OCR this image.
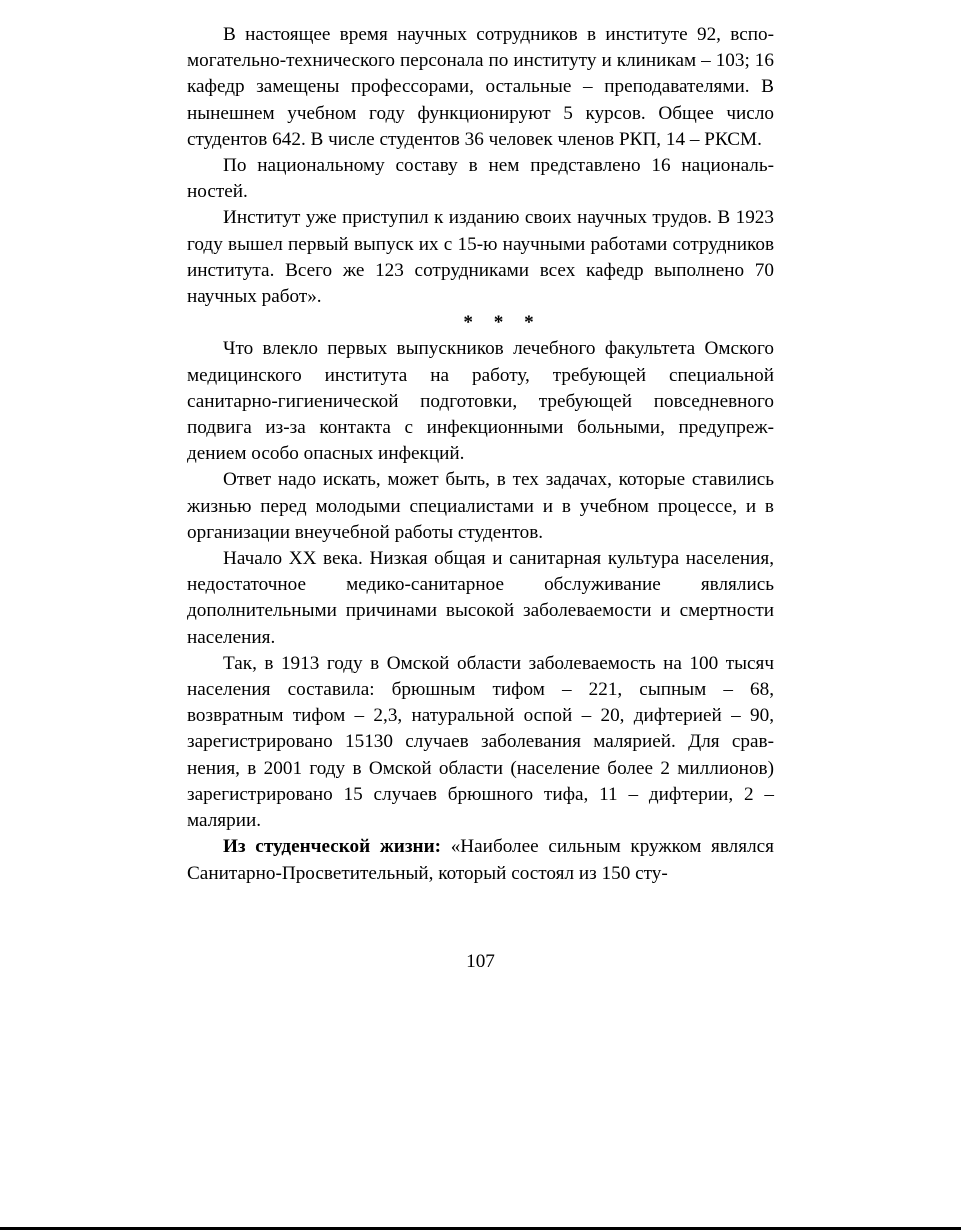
В настоящее время научных сотрудников в институте 92, вспомогательно-технического персонала по институту и клиникам – 103; 16 кафедр замещены профессорами, остальные – преподавателями. В нынешнем учебном году функционируют 5 курсов. Общее число студентов 642. В числе студентов 36 человек членов РКП, 14 – РКСМ.

По национальному составу в нем представлено 16 национальностей.

Институт уже приступил к изданию своих научных трудов. В 1923 году вышел первый выпуск их с 15-ю научными работами сотрудников института. Всего же 123 сотрудниками всех кафедр выполнено 70 научных работ».

* * *

Что влекло первых выпускников лечебного факультета Омского медицинского института на работу, требующей специальной санитарно-гигиенической подготовки, требующей повседневного подвига из-за контакта с инфекционными больными, предупреждением особо опасных инфекций.

Ответ надо искать, может быть, в тех задачах, которые ставились жизнью перед молодыми специалистами и в учебном процессе, и в организации внеучебной работы студентов.

Начало XX века. Низкая общая и санитарная культура населения, недостаточное медико-санитарное обслуживание являлись дополнительными причинами высокой заболеваемости и смертности населения.

Так, в 1913 году в Омской области заболеваемость на 100 тысяч населения составила: брюшным тифом – 221, сыпным – 68, возвратным тифом – 2,3, натуральной оспой – 20, дифтерией – 90, зарегистрировано 15130 случаев заболевания малярией. Для сравнения, в 2001 году в Омской области (население более 2 миллионов) зарегистрировано 15 случаев брюшного тифа, 11 – дифтерии, 2 – малярии.

Из студенческой жизни: «Наиболее сильным кружком являлся Санитарно-Просветительный, который состоял из 150 сту-

107
